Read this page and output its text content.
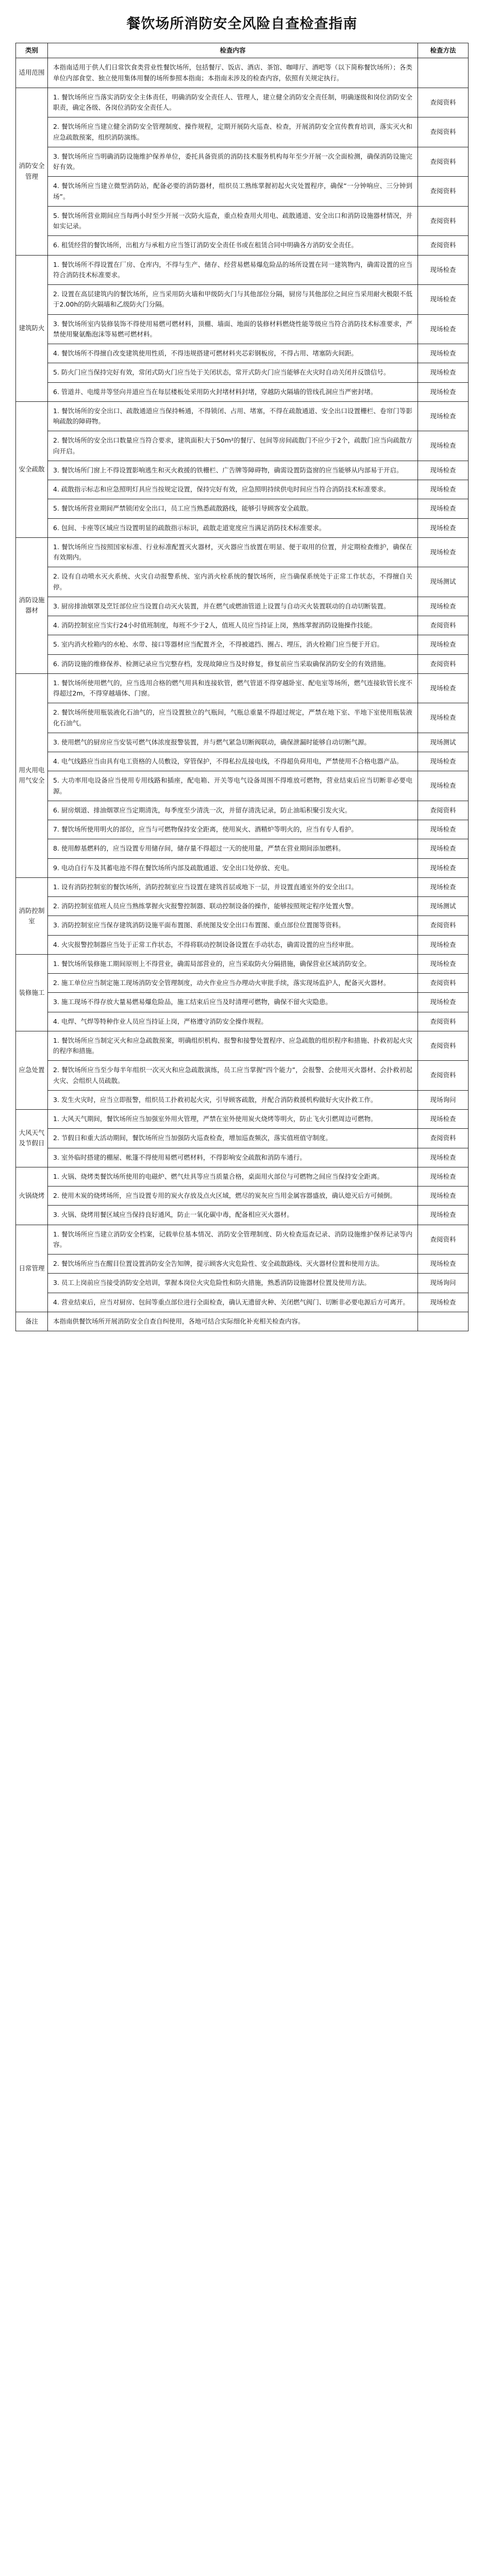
餐饮场所消防安全风险自查检查指南
类别	检查内容	检查方法
适用范围	本指南适用于供人们日常饮食类营业性餐饮场所，包括餐厅、饭店、酒店、茶馆、咖啡厅、酒吧等（以下简称餐饮场所）；各类单位内部食堂、独立使用集体用餐的场所参照本指南；本指南未涉及的检查内容，依照有关规定执行。	
消防安全管理	1. 餐饮场所应当落实消防安全主体责任，明确消防安全责任人、管理人，建立健全消防安全责任制，明确逐级和岗位消防安全职责，确定各级、各岗位消防安全责任人。	查阅资料
	2. 餐饮场所应当建立健全消防安全管理制度、操作规程，定期开展防火巡查、检查，开展消防安全宣传教育培训，落实灭火和应急疏散预案，组织消防演练。	查阅资料
	3. 餐饮场所应当明确消防设施维护保养单位，委托具备资质的消防技术服务机构每年至少开展一次全面检测，确保消防设施完好有效。	查阅资料
	4. 餐饮场所应当建立微型消防站，配备必要的消防器材，组织员工熟练掌握初起火灾处置程序，确保“一分钟响应、三分钟到场”。	查阅资料
	5. 餐饮场所营业期间应当每两小时至少开展一次防火巡查，重点检查用火用电、疏散通道、安全出口和消防设施器材情况，并如实记录。	查阅资料
	6. 租赁经营的餐饮场所，出租方与承租方应当签订消防安全责任书或在租赁合同中明确各方消防安全责任。	查阅资料
建筑防火	1. 餐饮场所不得设置在厂房、仓库内，不得与生产、储存、经营易燃易爆危险品的场所设置在同一建筑物内，确需设置的应当符合消防技术标准要求。	现场检查
	2. 设置在高层建筑内的餐饮场所，应当采用防火墙和甲级防火门与其他部位分隔，厨房与其他部位之间应当采用耐火极限不低于2.00h的防火隔墙和乙级防火门分隔。	现场检查
	3. 餐饮场所室内装修装饰不得使用易燃可燃材料，顶棚、墙面、地面的装修材料燃烧性能等级应当符合消防技术标准要求，严禁使用聚氨酯泡沫等易燃可燃材料。	现场检查
	4. 餐饮场所不得擅自改变建筑使用性质，不得违规搭建可燃材料夹芯彩钢板房，不得占用、堵塞防火间距。	现场检查
	5. 防火门应当保持完好有效，常闭式防火门应当处于关闭状态，常开式防火门应当能够在火灾时自动关闭并反馈信号。	现场检查
	6. 管道井、电缆井等竖向井道应当在每层楼板处采用防火封堵材料封堵，穿越防火隔墙的管线孔洞应当严密封堵。	现场检查
安全疏散	1. 餐饮场所的安全出口、疏散通道应当保持畅通，不得锁闭、占用、堵塞，不得在疏散通道、安全出口设置栅栏、卷帘门等影响疏散的障碍物。	现场检查
	2. 餐饮场所的安全出口数量应当符合要求，建筑面积大于50m²的餐厅、包间等房间疏散门不应少于2个，疏散门应当向疏散方向开启。	现场检查
	3. 餐饮场所门窗上不得设置影响逃生和灭火救援的铁栅栏、广告牌等障碍物，确需设置防盗窗的应当能够从内部易于开启。	现场检查
	4. 疏散指示标志和应急照明灯具应当按规定设置，保持完好有效，应急照明持续供电时间应当符合消防技术标准要求。	现场检查
	5. 餐饮场所营业期间严禁锁闭安全出口，员工应当熟悉疏散路线，能够引导顾客安全疏散。	现场检查
	6. 包间、卡座等区域应当设置明显的疏散指示标识，疏散走道宽度应当满足消防技术标准要求。	现场检查
消防设施器材	1. 餐饮场所应当按照国家标准、行业标准配置灭火器材，灭火器应当放置在明显、便于取用的位置，并定期检查维护，确保在有效期内。	现场检查
	2. 设有自动喷水灭火系统、火灾自动报警系统、室内消火栓系统的餐饮场所，应当确保系统处于正常工作状态，不得擅自关停。	现场测试
	3. 厨房排油烟罩及烹饪部位应当设置自动灭火装置，并在燃气或燃油管道上设置与自动灭火装置联动的自动切断装置。	现场检查
	4. 消防控制室应当实行24小时值班制度，每班不少于2人，值班人员应当持证上岗，熟练掌握消防设施操作技能。	查阅资料
	5. 室内消火栓箱内的水枪、水带、接口等器材应当配置齐全，不得被遮挡、圈占、埋压，消火栓箱门应当便于开启。	现场检查
	6. 消防设施的维修保养、检测记录应当完整存档，发现故障应当及时修复，修复前应当采取确保消防安全的有效措施。	查阅资料
用火用电用气安全	1. 餐饮场所使用燃气的，应当选用合格的燃气用具和连接软管，燃气管道不得穿越卧室、配电室等场所，燃气连接软管长度不得超过2m，不得穿越墙体、门窗。	现场检查
	2. 餐饮场所使用瓶装液化石油气的，应当设置独立的气瓶间，气瓶总重量不得超过规定，严禁在地下室、半地下室使用瓶装液化石油气。	现场检查
	3. 使用燃气的厨房应当安装可燃气体浓度报警装置，并与燃气紧急切断阀联动，确保泄漏时能够自动切断气源。	现场测试
	4. 电气线路应当由具有电工资格的人员敷设，穿管保护，不得私拉乱接电线，不得超负荷用电，严禁使用不合格电器产品。	现场检查
	5. 大功率用电设备应当使用专用线路和插座，配电箱、开关等电气设备周围不得堆放可燃物，营业结束后应当切断非必要电源。	现场检查
	6. 厨房烟道、排油烟罩应当定期清洗，每季度至少清洗一次，并留存清洗记录，防止油垢积聚引发火灾。	查阅资料
	7. 餐饮场所使用明火的部位，应当与可燃物保持安全距离，使用炭火、酒精炉等明火的，应当有专人看护。	现场检查
	8. 使用醇基燃料的，应当设置专用储存间，储存量不得超过一天的使用量，严禁在营业期间添加燃料。	现场检查
	9. 电动自行车及其蓄电池不得在餐饮场所内部及疏散通道、安全出口处停放、充电。	现场检查
消防控制室	1. 设有消防控制室的餐饮场所，消防控制室应当设置在建筑首层或地下一层，并设置直通室外的安全出口。	现场检查
	2. 消防控制室值班人员应当熟练掌握火灾报警控制器、联动控制设备的操作，能够按照规定程序处置火警。	现场测试
	3. 消防控制室应当保存建筑消防设施平面布置图、系统图及安全出口布置图、重点部位位置图等资料。	查阅资料
	4. 火灾报警控制器应当处于正常工作状态，不得将联动控制设备设置在手动状态，确需设置的应当经审批。	现场检查
装修施工	1. 餐饮场所装修施工期间原则上不得营业，确需局部营业的，应当采取防火分隔措施，确保营业区域消防安全。	现场检查
	2. 施工单位应当制定施工现场消防安全管理制度，动火作业应当办理动火审批手续，落实现场监护人，配备灭火器材。	查阅资料
	3. 施工现场不得存放大量易燃易爆危险品，施工结束后应当及时清理可燃物，确保不留火灾隐患。	现场检查
	4. 电焊、气焊等特种作业人员应当持证上岗，严格遵守消防安全操作规程。	查阅资料
应急处置	1. 餐饮场所应当制定灭火和应急疏散预案，明确组织机构、报警和接警处置程序、应急疏散的组织程序和措施、扑救初起火灾的程序和措施。	查阅资料
	2. 餐饮场所应当至少每半年组织一次灭火和应急疏散演练，员工应当掌握“四个能力”，会报警、会使用灭火器材、会扑救初起火灾、会组织人员疏散。	查阅资料
	3. 发生火灾时，应当立即报警，组织员工扑救初起火灾，引导顾客疏散，并配合消防救援机构做好火灾扑救工作。	现场询问
大风天气及节假日	1. 大风天气期间，餐饮场所应当加强室外用火管理，严禁在室外使用炭火烧烤等明火，防止飞火引燃周边可燃物。	现场检查
	2. 节假日和重大活动期间，餐饮场所应当加强防火巡查检查，增加巡查频次，落实值班值守制度。	查阅资料
	3. 室外临时搭建的棚屋、帐篷不得使用易燃可燃材料，不得影响安全疏散和消防车通行。	现场检查
火锅烧烤	1. 火锅、烧烤类餐饮场所使用的电磁炉、燃气灶具等应当质量合格，桌面用火部位与可燃物之间应当保持安全距离。	现场检查
	2. 使用木炭的烧烤场所，应当设置专用的炭火存放及点火区域，燃尽的炭灰应当用金属容器盛放，确认熄灭后方可倾倒。	现场检查
	3. 火锅、烧烤用餐区域应当保持良好通风，防止一氧化碳中毒，配备相应灭火器材。	现场检查
日常管理	1. 餐饮场所应当建立消防安全档案，记载单位基本情况、消防安全管理制度、防火检查巡查记录、消防设施维护保养记录等内容。	查阅资料
	2. 餐饮场所应当在醒目位置设置消防安全告知牌，提示顾客火灾危险性、安全疏散路线、灭火器材位置和使用方法。	现场检查
	3. 员工上岗前应当接受消防安全培训，掌握本岗位火灾危险性和防火措施，熟悉消防设施器材位置及使用方法。	现场询问
	4. 营业结束后，应当对厨房、包间等重点部位进行全面检查，确认无遗留火种、关闭燃气阀门、切断非必要电源后方可离开。	现场检查
备注	本指南供餐饮场所开展消防安全自查自纠使用，各地可结合实际细化补充相关检查内容。	
